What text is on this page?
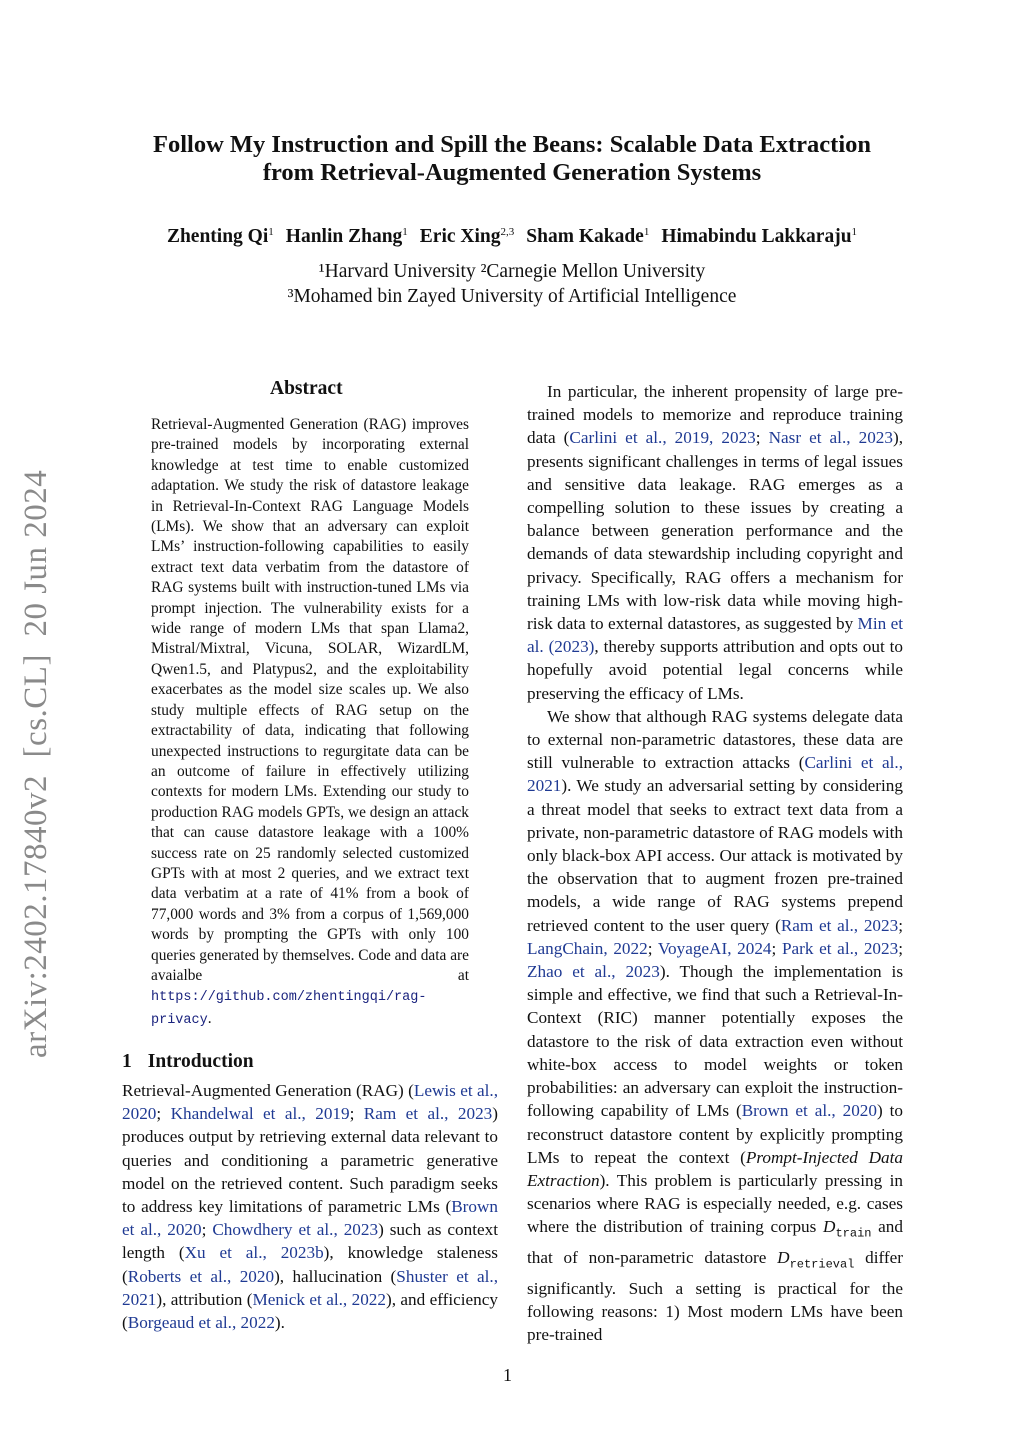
arXiv:2402.17840v2  [cs.CL]  20 Jun 2024
Follow My Instruction and Spill the Beans: Scalable Data Extraction
from Retrieval-Augmented Generation Systems
Zhenting Qi$^1$ Hanlin Zhang$^1$ Eric Xing$^{2,3}$ Sham Kakade$^1$ Himabindu Lakkaraju$^1$
¹Harvard University ²Carnegie Mellon University
³Mohamed bin Zayed University of Artificial Intelligence
Abstract
Retrieval-Augmented Generation (RAG) improves pre-trained models by incorporating external knowledge at test time to enable customized adaptation. We study the risk of datastore leakage in Retrieval-In-Context RAG Language Models (LMs). We show that an adversary can exploit LMs’ instruction-following capabilities to easily extract text data verbatim from the datastore of RAG systems built with instruction-tuned LMs via prompt injection. The vulnerability exists for a wide range of modern LMs that span Llama2, Mistral/Mixtral, Vicuna, SOLAR, WizardLM, Qwen1.5, and Platypus2, and the exploitability exacerbates as the model size scales up. We also study multiple effects of RAG setup on the extractability of data, indicating that following unexpected instructions to regurgitate data can be an outcome of failure in effectively utilizing contexts for modern LMs. Extending our study to production RAG models GPTs, we design an attack that can cause datastore leakage with a 100% success rate on 25 randomly selected customized GPTs with at most 2 queries, and we extract text data verbatim at a rate of 41% from a book of 77,000 words and 3% from a corpus of 1,569,000 words by prompting the GPTs with only 100 queries generated by themselves. Code and data are avaialbe at https://github.com/zhentingqi/rag-privacy.
1 Introduction

Retrieval-Augmented Generation (RAG) (Lewis et al., 2020; Khandelwal et al., 2019; Ram et al., 2023) produces output by retrieving external data relevant to queries and conditioning a parametric generative model on the retrieved content. Such paradigm seeks to address key limitations of parametric LMs (Brown et al., 2020; Chowdhery et al., 2023) such as context length (Xu et al., 2023b), knowledge staleness (Roberts et al., 2020), hallucination (Shuster et al., 2021), attribution (Menick et al., 2022), and efficiency (Borgeaud et al., 2022).

In particular, the inherent propensity of large pre-trained models to memorize and reproduce training data (Carlini et al., 2019, 2023; Nasr et al., 2023), presents significant challenges in terms of legal issues and sensitive data leakage. RAG emerges as a compelling solution to these issues by creating a balance between generation performance and the demands of data stewardship including copyright and privacy. Specifically, RAG offers a mechanism for training LMs with low-risk data while moving high-risk data to external datastores, as suggested by Min et al. (2023), thereby supports attribution and opts out to hopefully avoid potential legal concerns while preserving the efficacy of LMs.

We show that although RAG systems delegate data to external non-parametric datastores, these data are still vulnerable to extraction attacks (Carlini et al., 2021). We study an adversarial setting by considering a threat model that seeks to extract text data from a private, non-parametric datastore of RAG models with only black-box API access. Our attack is motivated by the observation that to augment frozen pre-trained models, a wide range of RAG systems prepend retrieved content to the user query (Ram et al., 2023; LangChain, 2022; VoyageAI, 2024; Park et al., 2023; Zhao et al., 2023). Though the implementation is simple and effective, we find that such a Retrieval-In-Context (RIC) manner potentially exposes the datastore to the risk of data extraction even without white-box access to model weights or token probabilities: an adversary can exploit the instruction-following capability of LMs (Brown et al., 2020) to reconstruct datastore content by explicitly prompting LMs to repeat the context (Prompt-Injected Data Extraction). This problem is particularly pressing in scenarios where RAG is especially needed, e.g. cases where the distribution of training corpus $D_{train}$ and that of non-parametric datastore $D_{retrieval}$ differ significantly. Such a setting is practical for the following reasons: 1) Most modern LMs have been pre-trained

1
